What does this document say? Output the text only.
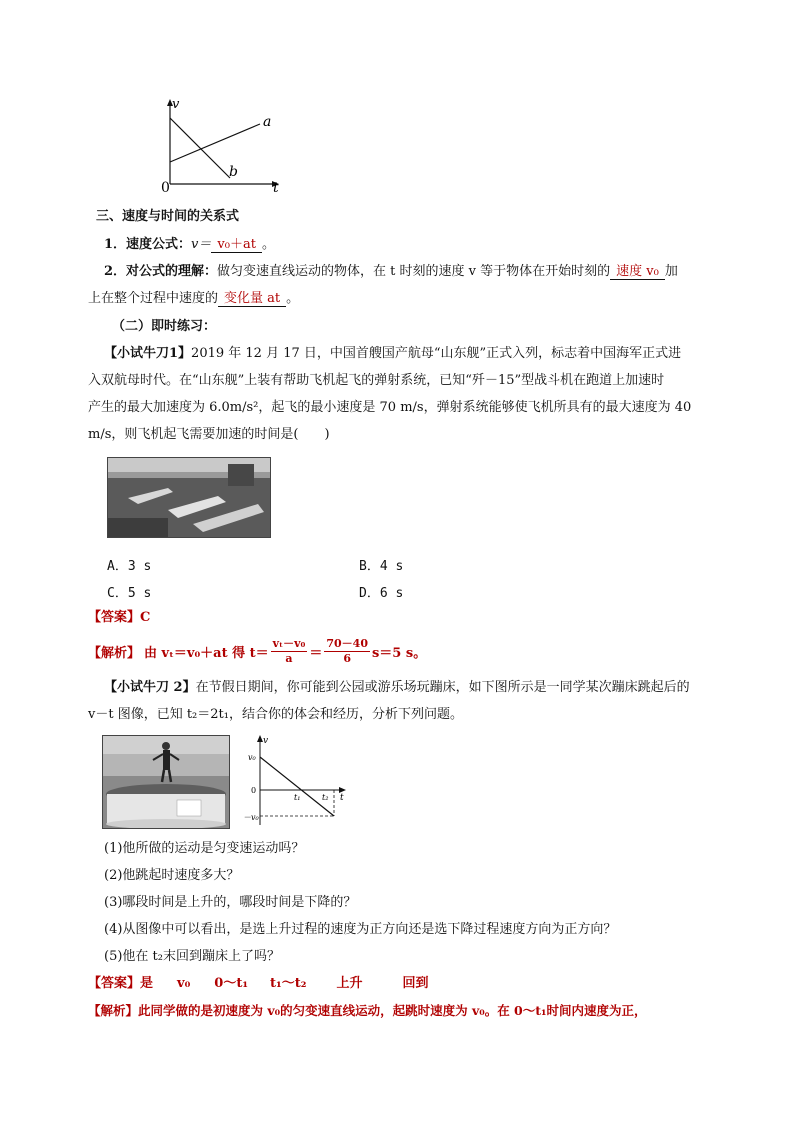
v
t
0
a
b
三、速度与时间的关系式
1．速度公式：v＝ v₀＋at 。
2．对公式的理解：做匀变速直线运动的物体，在 t 时刻的速度 v 等于物体在开始时刻的 速度 v₀ 加
上在整个过程中速度的 变化量 at 。
（二）即时练习：
【小试牛刀1】2019 年 12 月 17 日，中国首艘国产航母“山东舰”正式入列，标志着中国海军正式进
入双航母时代。在“山东舰”上装有帮助飞机起飞的弹射系统，已知“歼－15”型战斗机在跑道上加速时
产生的最大加速度为 6.0m/s²，起飞的最小速度是 70 m/s，弹射系统能够使飞机所具有的最大速度为 40
m/s，则飞机起飞需要加速的时间是(　　)
A．3 s	B．4 s
C．5 s	D．6 s
【答案】C
【解析】 由 vₜ＝v₀＋at 得 t＝
vₜ－v₀
a ＝
70－40
6 s＝5 s。
【小试牛刀 2】在节假日期间，你可能到公园或游乐场玩蹦床，如下图所示是一同学某次蹦床跳起后的
v－t 图像，已知 t₂＝2t₁，结合你的体会和经历，分析下列问题。
v
v₀
0
－v₀
t₁	t₂ t
(1)他所做的运动是匀变速运动吗？
(2)他跳起时速度多大？
(3)哪段时间是上升的，哪段时间是下降的？
(4)从图像中可以看出，是选上升过程的速度为正方向还是选下降过程速度方向为正方向？
(5)他在 t₂末回到蹦床上了吗？
【答案】是 v₀ 0～t₁ t₁～t₂ 上升	回到
【解析】此同学做的是初速度为 v₀的匀变速直线运动，起跳时速度为 v₀。在 0～t₁时间内速度为正，
